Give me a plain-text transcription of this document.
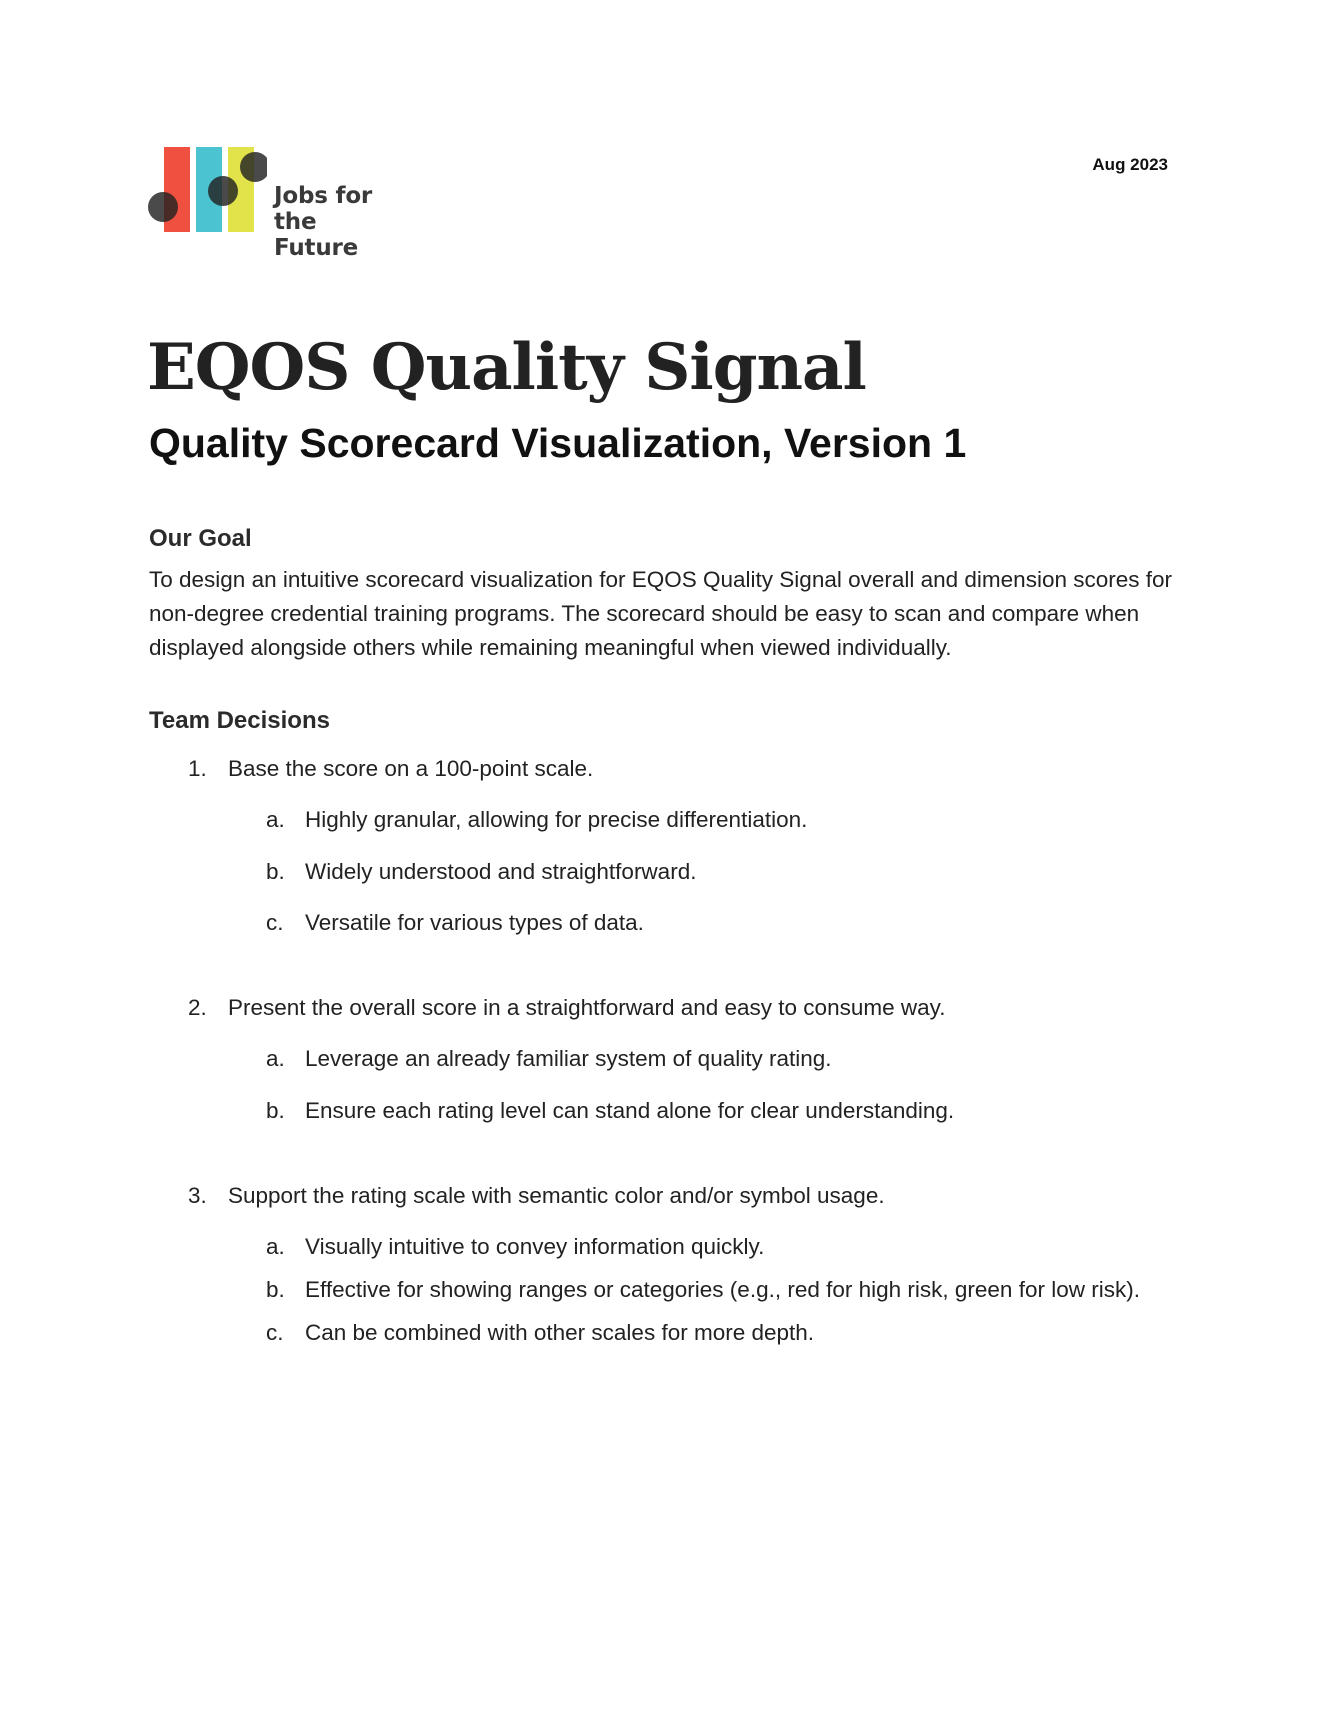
Jobs for
the Future
Aug 2023
EQOS Quality Signal
Quality Scorecard Visualization, Version 1
Our Goal

To design an intuitive scorecard visualization for EQOS Quality Signal overall and dimension scores for non-degree credential training programs. The scorecard should be easy to scan and compare when displayed alongside others while remaining meaningful when viewed individually.

Team Decisions
1. Base the score on a 100-point scale.
a. Highly granular, allowing for precise differentiation.
b. Widely understood and straightforward.
c. Versatile for various types of data.
2. Present the overall score in a straightforward and easy to consume way.
a. Leverage an already familiar system of quality rating.
b. Ensure each rating level can stand alone for clear understanding.
3. Support the rating scale with semantic color and/or symbol usage.
a. Visually intuitive to convey information quickly.
b. Effective for showing ranges or categories (e.g., red for high risk, green for low risk).
c. Can be combined with other scales for more depth.
